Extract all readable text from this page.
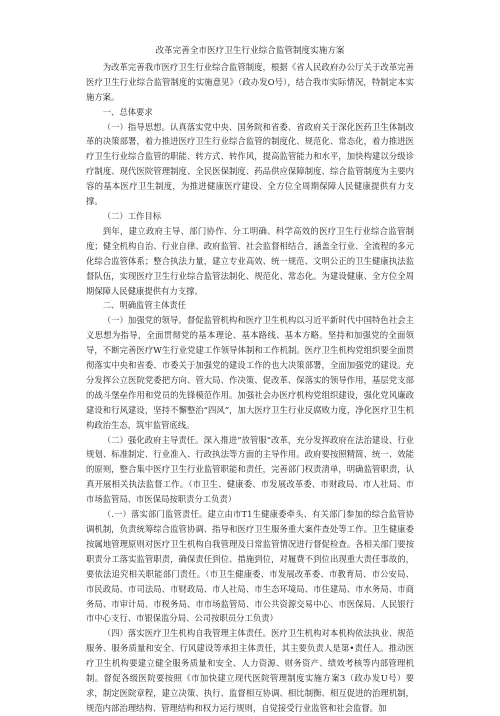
改革完善全市医疗卫生行业综合监管制度实施方案
为改革完善我市医疗卫生行业综合监管制度，根据《省人民政府办公厅关于改革完善医疗卫生行业综合监管制度的实施意见》（政办发O号），结合我市实际情况，特制定本实施方案。
一、总体要求
（一）指导思想。认真落实党中央、国务院和省委、省政府关于深化医药卫生体制改革的决策部署，着力推进医疗卫生行业综合监管的制度化、规范化、常态化，着力推进医疗卫生行业综合监管的职能、转方式、转作风，提高监管能力和水平，加快构建以分级诊疗制度、现代医院管理制度、全民医保制度、药品供应保障制度、综合监管制度为主要内容的基本医疗卫生制度，为推进健康医疗建设、全方位全周期保障人民健康提供有力支撑。
（二）工作目标
到年，建立政府主导、部门协作、分工明确、科学高效的医疗卫生行业综合监管制度；健全机构自治、行业自律、政府监管、社会监督相结合，涵盖全行业、全流程的多元化综合监管体系；整合执法力量，建立专业高效、统一规范、文明公正的卫生健康执法监督队伍，实现医疗卫生行业综合监管法制化、规范化、常态化。为建设健康、全方位全周期保障人民健康提供有力支撑。
二、明确监管主体责任
（一）加强党的领导。督促监管机构和医疗卫生机构以习近平新时代中国特色社会主义思想为指导，全面贯彻党的基本理论、基本路线、基本方略。坚持和加强党的全面领导，不断完善医疗W生行业党建工作领导体制和工作机制。医疗卫生机构党组织要全面贯彻落实中央和省委、市委关于加强党的建设工作的也大决策部署，全面加强党的建设。充分发挥公立医院党委把方向、管大局、作决策、促改革、保落实的领导作用，基层党支部的战斗堡垒作用和党员的先锋模范作用。加强社会办医疗机构党组织建设，强化党风廉政建设和行风建设，坚持不懈整治“四风”，加大医疗卫生行业反腐败力度，净化医疗卫生机构政治生态，筑牢监管底线。
（二）强化政府主导责任。深入推进“放管服”改革，充分发挥政府在法治建设、行业规划、标准制定、行业准入、行政执法等方面的主导作用。政府要按照精简、统一、效能的原则，整合集中医疗卫生行业监管职能和责任，完善部门权责清单，明确监管职责，认真开展相关执法监督工作。（市卫生、健康委、市发展改革委、市财政局、市人社局、市市场监管局、市医保局按职责分工负责）
（.一）落实部门监管责任。建立由市T1生健康委牵头、有关部门参加的综合监管协调机制，负责统筹综合监管协调、指导和医疗卫生服务重大案件查处等工作。卫生健康委按属地管理原则对医疗卫生机构自我管理及日常监管情况进行督促检查。各相关部门要按职责分工落实监管职责，确保责任到位、措施到位，对履费不到位出现重大责任事故的，要依法追究相关职能部门责任。（市卫生健康委、市发展改革委、市教育局、市公安局、市民政局、市司法局、市财政局、市人社局、市生态环境局、市住建局、市水务局、市商务局、市审计局、市税务局、市市场监管局、市公共资源交易中心、市医保局、人民银行市中心支行、市银保监分局、公司按职员分工负责）
（四）落实医疗卫生机构自我管理主体责任。医疗卫生机构对本机构依法执业、规范服务、服务质量和安全、行风建设等承担主体责任，其主要负责人是第•责任人。推动医疗卫生机构要建立健全服务质量和安全、人力资源、财务资产、绩效考核等内部管理机制。督促各级医院要按照《市加快建立现代医院管理制度实施方案3（政办发U号）要求，制定医院章程，建立决策、执行、监督相互协调、相比制衡、相互促进的治理机制，规范内部治理结构、管理结构和权力运行规则，自觉接受行业监管和社会监督。加
